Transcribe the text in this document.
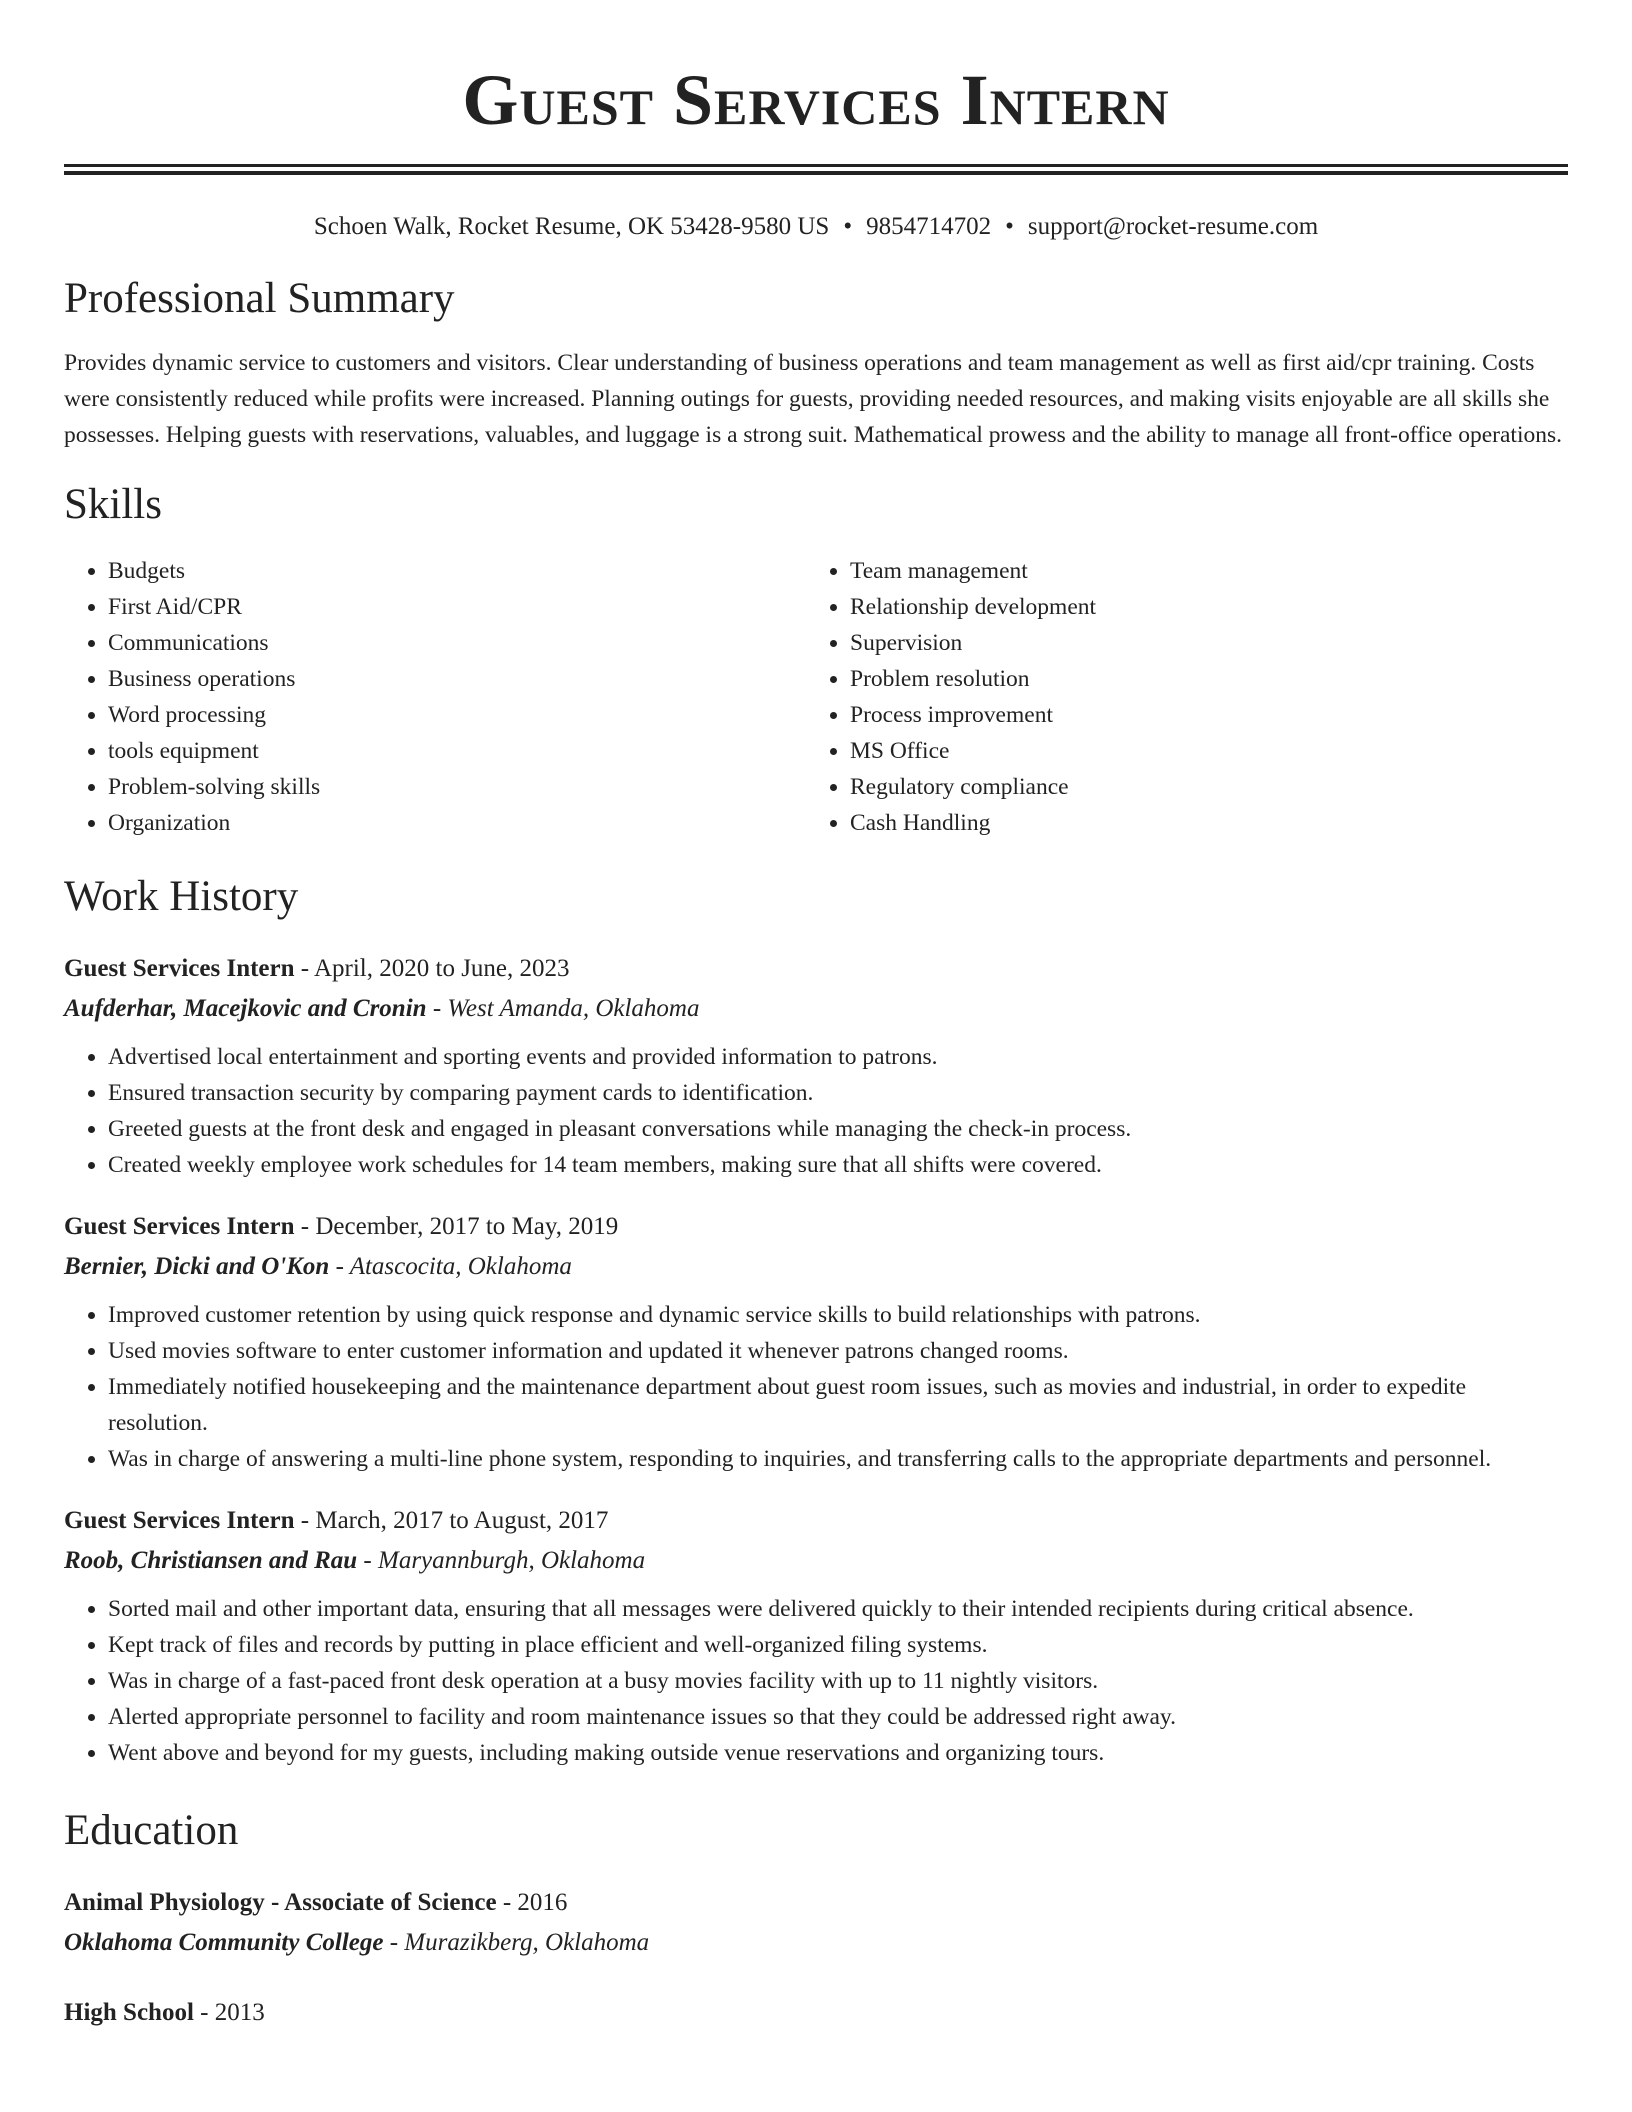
Guest Services Intern
Schoen Walk, Rocket Resume, OK 53428-9580 US • 9854714702 • support@rocket-resume.com
Professional Summary
Provides dynamic service to customers and visitors. Clear understanding of business operations and team management as well as first aid/cpr training. Costs were consistently reduced while profits were increased. Planning outings for guests, providing needed resources, and making visits enjoyable are all skills she possesses. Helping guests with reservations, valuables, and luggage is a strong suit. Mathematical prowess and the ability to manage all front-office operations.
Skills
• Budgets
• First Aid/CPR
• Communications
• Business operations
• Word processing
• tools equipment
• Problem-solving skills
• Organization
• Team management
• Relationship development
• Supervision
• Problem resolution
• Process improvement
• MS Office
• Regulatory compliance
• Cash Handling
Work History
Guest Services Intern - April, 2020 to June, 2023
Aufderhar, Macejkovic and Cronin - West Amanda, Oklahoma
• Advertised local entertainment and sporting events and provided information to patrons.
• Ensured transaction security by comparing payment cards to identification.
• Greeted guests at the front desk and engaged in pleasant conversations while managing the check-in process.
• Created weekly employee work schedules for 14 team members, making sure that all shifts were covered.
Guest Services Intern - December, 2017 to May, 2019
Bernier, Dicki and O'Kon - Atascocita, Oklahoma
• Improved customer retention by using quick response and dynamic service skills to build relationships with patrons.
• Used movies software to enter customer information and updated it whenever patrons changed rooms.
• Immediately notified housekeeping and the maintenance department about guest room issues, such as movies and industrial, in order to expedite resolution.
• Was in charge of answering a multi-line phone system, responding to inquiries, and transferring calls to the appropriate departments and personnel.
Guest Services Intern - March, 2017 to August, 2017
Roob, Christiansen and Rau - Maryannburgh, Oklahoma
• Sorted mail and other important data, ensuring that all messages were delivered quickly to their intended recipients during critical absence.
• Kept track of files and records by putting in place efficient and well-organized filing systems.
• Was in charge of a fast-paced front desk operation at a busy movies facility with up to 11 nightly visitors.
• Alerted appropriate personnel to facility and room maintenance issues so that they could be addressed right away.
• Went above and beyond for my guests, including making outside venue reservations and organizing tours.
Education
Animal Physiology - Associate of Science - 2016
Oklahoma Community College - Murazikberg, Oklahoma
High School - 2013
